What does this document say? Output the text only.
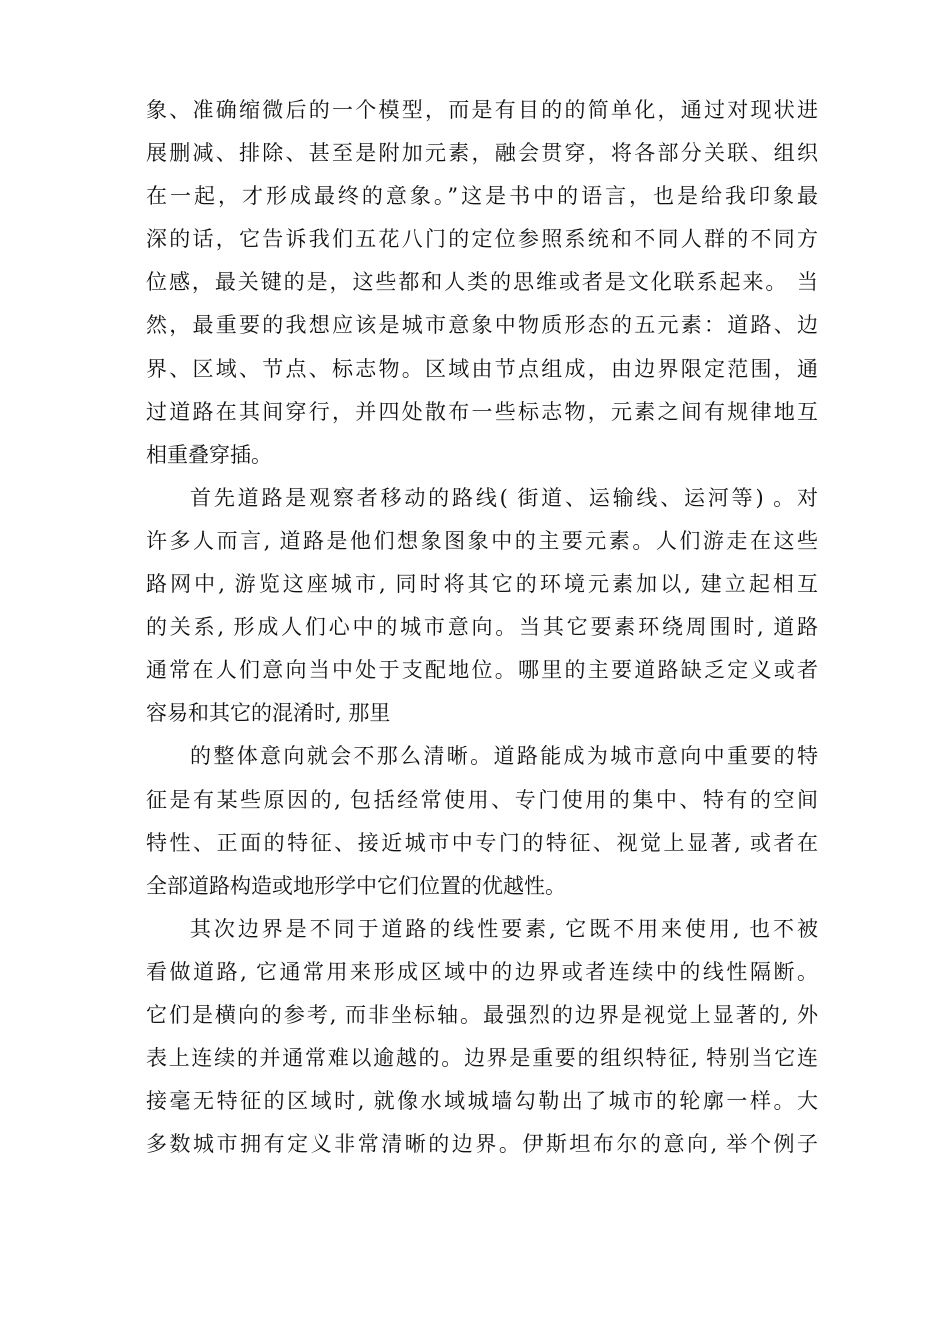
象、准确缩微后的一个模型，而是有目的的简单化，通过对现状进
展删减、排除、甚至是附加元素，融会贯穿，将各部分关联、组织
在一起，才形成最终的意象。”这是书中的语言，也是给我印象最
深的话，它告诉我们五花八门的定位参照系统和不同人群的不同方
位感，最关键的是，这些都和人类的思维或者是文化联系起来。 当
然，最重要的我想应该是城市意象中物质形态的五元素：道路、边
界、区域、节点、标志物。区域由节点组成，由边界限定范围，通
过道路在其间穿行，并四处散布一些标志物，元素之间有规律地互
相重叠穿插。
首先道路是观察者移动的路线( 街道、运输线、运河等) 。对
许多人而言, 道路是他们想象图象中的主要元素。人们游走在这些
路网中, 游览这座城市, 同时将其它的环境元素加以, 建立起相互
的关系, 形成人们心中的城市意向。当其它要素环绕周围时, 道路
通常在人们意向当中处于支配地位。哪里的主要道路缺乏定义或者
容易和其它的混淆时, 那里
的整体意向就会不那么清晰。道路能成为城市意向中重要的特
征是有某些原因的, 包括经常使用、专门使用的集中、特有的空间
特性、正面的特征、接近城市中专门的特征、视觉上显著, 或者在
全部道路构造或地形学中它们位置的优越性。
其次边界是不同于道路的线性要素, 它既不用来使用, 也不被
看做道路, 它通常用来形成区域中的边界或者连续中的线性隔断。
它们是横向的参考, 而非坐标轴。最强烈的边界是视觉上显著的, 外
表上连续的并通常难以逾越的。边界是重要的组织特征, 特别当它连
接毫无特征的区域时, 就像水域城墙勾勒出了城市的轮廓一样。大
多数城市拥有定义非常清晰的边界。伊斯坦布尔的意向, 举个例子
